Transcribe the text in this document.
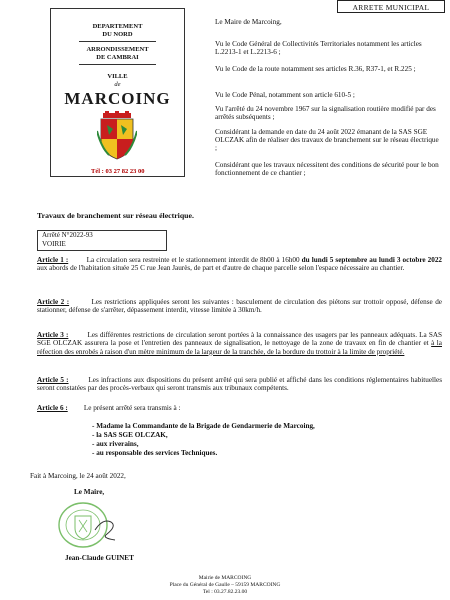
ARRETE MUNICIPAL
DEPARTEMENT
DU NORD
ARRONDISSEMENT
DE CAMBRAI
VILLE
de
MARCOING
Tél : 03 27 82 23 00
Le Maire de Marcoing,
Vu le Code Général de Collectivités Territoriales notamment les articles L.2213-1 et L.2213-6 ;
Vu le Code de la route notamment ses articles R.36, R37-1, et R.225 ;
Vu le Code Pénal, notamment son article 610-5 ;
Vu l'arrêté du 24 novembre 1967 sur la signalisation routière modifié par des arrêtés subséquents ;
Considérant la demande en date du 24 août 2022 émanant de la SAS SGE OLCZAK afin de réaliser des travaux de branchement sur le réseau électrique ;
Considérant que les travaux nécessitent des conditions de sécurité pour le bon fonctionnement de ce chantier ;
Travaux de branchement sur réseau électrique.
Arrêté N°2022-93
VOIRIE
Article 1 :	La circulation sera restreinte et le stationnement interdit de 8h00 à 16h00 du lundi 5 septembre au lundi 3 octobre 2022 aux abords de l'habitation située 25 C rue Jean Jaurès, de part et d'autre de chaque parcelle selon l'espace nécessaire au chantier.
Article 2 :	Les restrictions appliquées seront les suivantes : basculement de circulation des piétons sur trottoir opposé, défense de stationner, défense de s'arrêter, dépassement interdit, vitesse limitée à 30km/h.
Article 3 :	Les différentes restrictions de circulation seront portées à la connaissance des usagers par les panneaux adéquats. La SAS SGE OLCZAK assurera la pose et l'entretien des panneaux de signalisation, le nettoyage de la zone de travaux en fin de chantier et à la réfection des enrobés à raison d'un mètre minimum de la largeur de la tranchée, de la bordure du trottoir à la limite de propriété.
Article 5 :	Les infractions aux dispositions du présent arrêté qui sera publié et affiché dans les conditions réglementaires habituelles seront constatées par des procès-verbaux qui seront transmis aux tribunaux compétents.
Article 6 : Le présent arrêté sera transmis à :
- Madame la Commandante de la Brigade de Gendarmerie de Marcoing,
- la SAS SGE OLCZAK,
- aux riverains,
- au responsable des services Techniques.
Fait à Marcoing, le 24 août 2022,
Le Maire,
Jean-Claude GUINET
Mairie de MARCOING
Place du Général de Gaulle – 59159 MARCOING
Tel : 03.27.82.23.00
